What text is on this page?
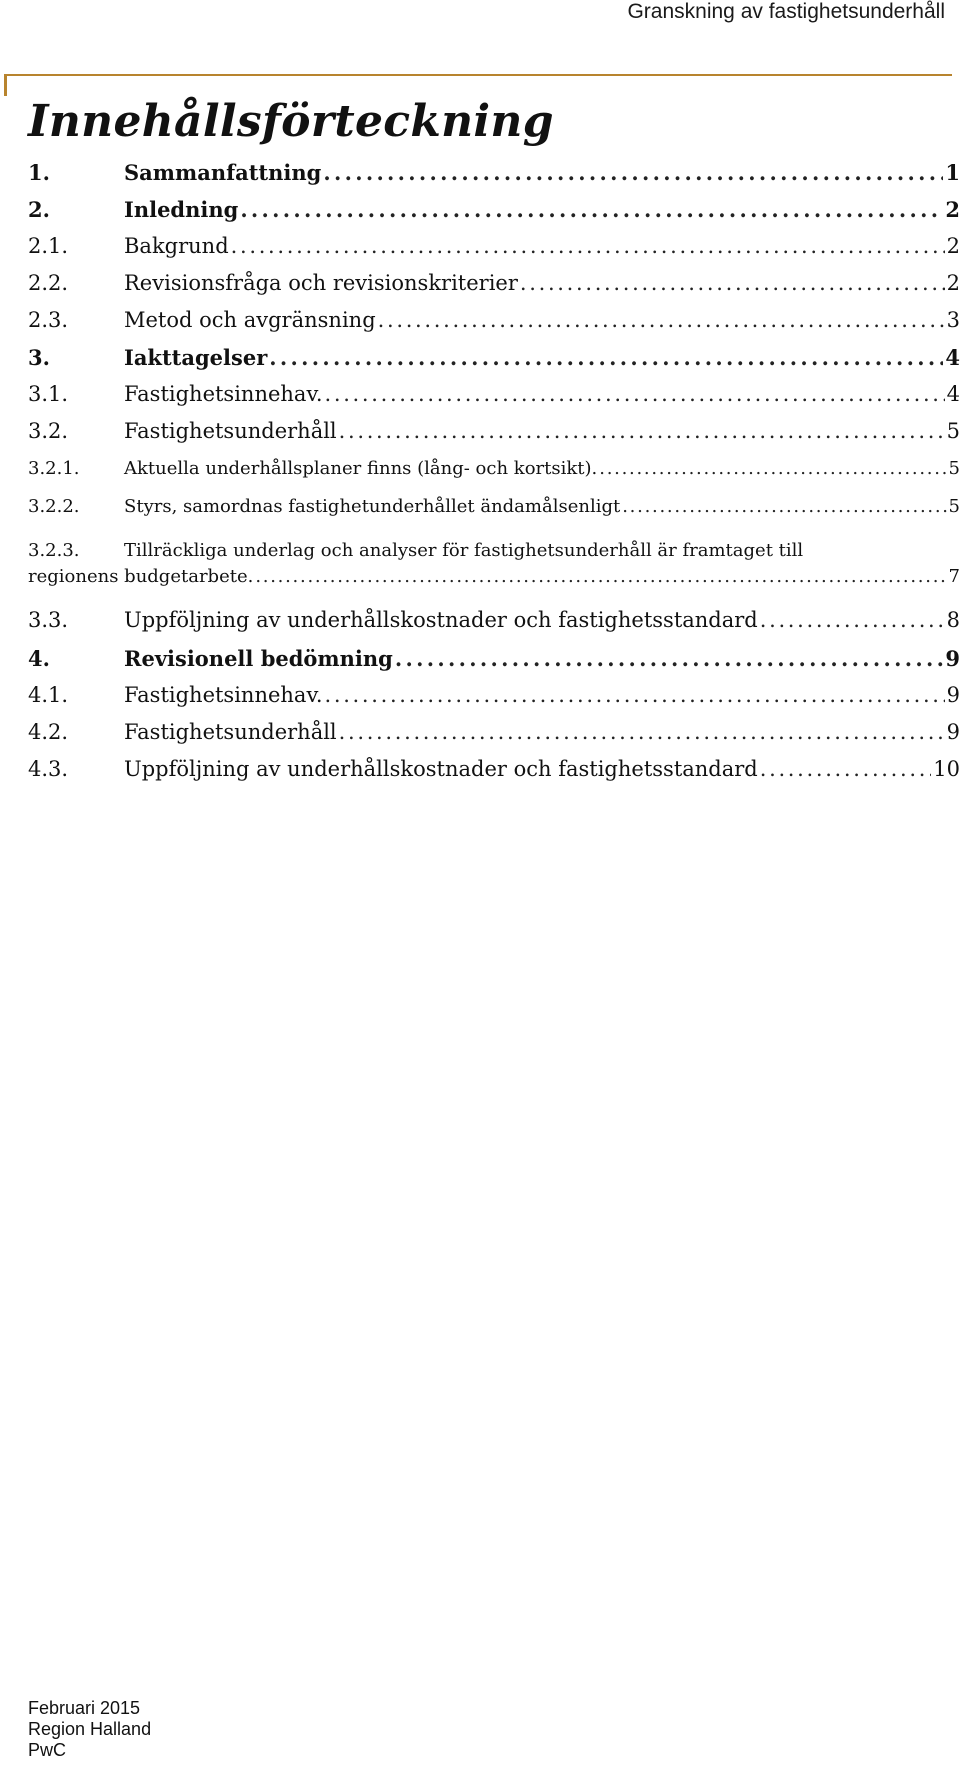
Granskning av fastighetsunderhåll
Innehållsförteckning
1.	Sammanfattning . . .	1
2.	Inledning . . .	2
2.1.	Bakgrund . . .	2
2.2.	Revisionsfråga och revisionskriterier . . .	2
2.3.	Metod och avgränsning . . .	3
3.	Iakttagelser . . .	4
3.1.	Fastighetsinnehav. . . .	4
3.2.	Fastighetsunderhåll . . .	5
3.2.1.	Aktuella underhållsplaner finns (lång- och kortsikt). . . .	5
3.2.2.	Styrs, samordnas fastighetunderhållet ändamålsenligt . . .	5
3.2.3. Tillräckliga underlag och analyser för fastighetsunderhåll är framtaget till
regionens budgetarbete. . . .	7
3.3.	Uppföljning av underhållskostnader och fastighetsstandard . . .	8
4.	Revisionell bedömning . . .	9
4.1.	Fastighetsinnehav. . . .	9
4.2.	Fastighetsunderhåll . . .	9
4.3.	Uppföljning av underhållskostnader och fastighetsstandard . . .	10
Februari 2015
Region Halland
PwC
